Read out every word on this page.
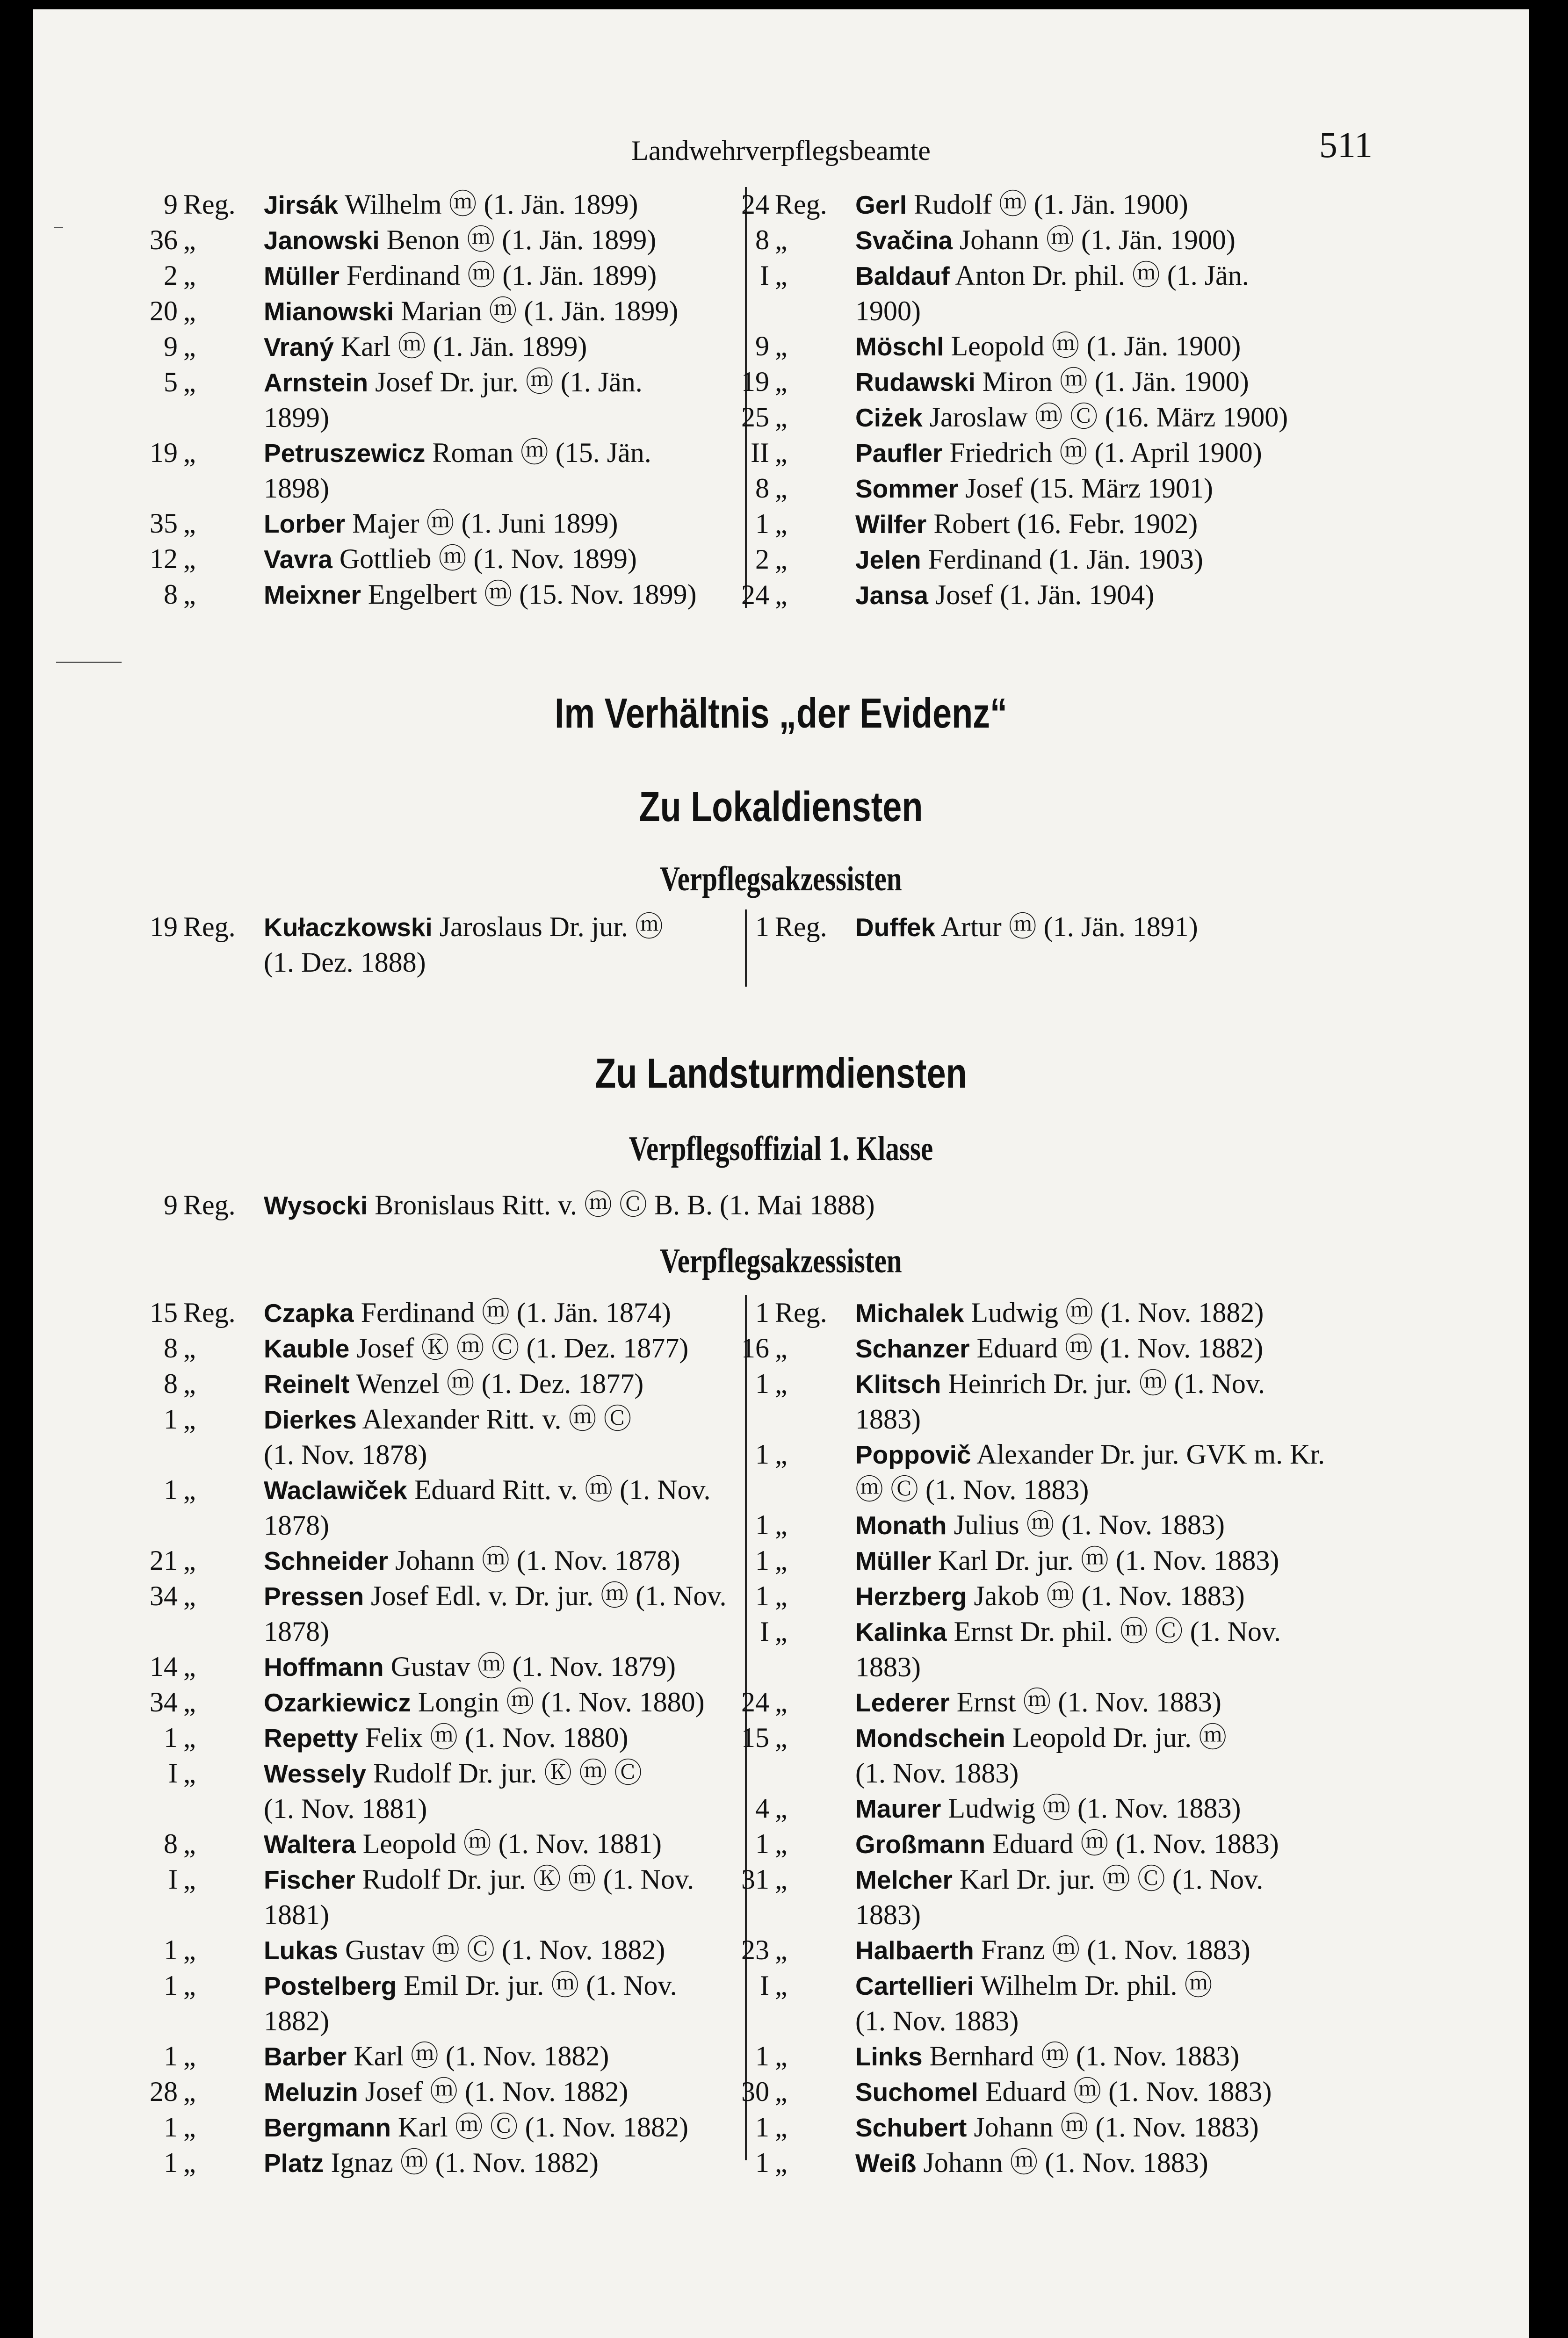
Landwehrverpflegsbeamte	511
9 Reg.	Jirsák Wilhelm ⓜ (1. Jän. 1899)
36 „	Janowski Benon ⓜ (1. Jän. 1899)
2 „	Müller Ferdinand ⓜ (1. Jän. 1899)
20 „	Mianowski Marian ⓜ (1. Jän. 1899)
9 „	Vraný Karl ⓜ (1. Jän. 1899)
5 „	Arnstein Josef Dr. jur. ⓜ (1. Jän.
1899)
19 „	Petruszewicz Roman ⓜ (15. Jän.
1898)
35 „	Lorber Majer ⓜ (1. Juni 1899)
12 „	Vavra Gottlieb ⓜ (1. Nov. 1899)
8 „	Meixner Engelbert ⓜ (15. Nov. 1899)
24 Reg.	Gerl Rudolf ⓜ (1. Jän. 1900)
8 „	Svačina Johann ⓜ (1. Jän. 1900)
I „	Baldauf Anton Dr. phil. ⓜ (1. Jän.
1900)
9 „	Möschl Leopold ⓜ (1. Jän. 1900)
19 „	Rudawski Miron ⓜ (1. Jän. 1900)
25 „	Ciżek Jaroslaw ⓜ Ⓒ (16. März 1900)
II „	Paufler Friedrich ⓜ (1. April 1900)
8 „	Sommer Josef (15. März 1901)
1 „	Wilfer Robert (16. Febr. 1902)
2 „	Jelen Ferdinand (1. Jän. 1903)
24 „	Jansa Josef (1. Jän. 1904)
Im Verhältnis „der Evidenz“
Zu Lokaldiensten
Verpflegsakzessisten
19 Reg.	Kułaczkowski Jaroslaus Dr. jur. ⓜ
(1. Dez. 1888)
1 Reg.	Duffek Artur ⓜ (1. Jän. 1891)
Zu Landsturmdiensten
Verpflegsoffizial 1. Klasse
9 Reg.	Wysocki Bronislaus Ritt. v. ⓜ Ⓒ B. B. (1. Mai 1888)
Verpflegsakzessisten
15 Reg.	Czapka Ferdinand ⓜ (1. Jän. 1874)
8 „	Kauble Josef Ⓚ ⓜ Ⓒ (1. Dez. 1877)
8 „	Reinelt Wenzel ⓜ (1. Dez. 1877)
1 „	Dierkes Alexander Ritt. v. ⓜ Ⓒ
(1. Nov. 1878)
1 „	Waclawiček Eduard Ritt. v. ⓜ (1. Nov.
1878)
21 „	Schneider Johann ⓜ (1. Nov. 1878)
34 „	Pressen Josef Edl. v. Dr. jur. ⓜ (1. Nov.
1878)
14 „	Hoffmann Gustav ⓜ (1. Nov. 1879)
34 „	Ozarkiewicz Longin ⓜ (1. Nov. 1880)
1 „	Repetty Felix ⓜ (1. Nov. 1880)
I „	Wessely Rudolf Dr. jur. Ⓚ ⓜ Ⓒ
(1. Nov. 1881)
8 „	Waltera Leopold ⓜ (1. Nov. 1881)
I „	Fischer Rudolf Dr. jur. Ⓚ ⓜ (1. Nov.
1881)
1 „	Lukas Gustav ⓜ Ⓒ (1. Nov. 1882)
1 „	Postelberg Emil Dr. jur. ⓜ (1. Nov.
1882)
1 „	Barber Karl ⓜ (1. Nov. 1882)
28 „	Meluzin Josef ⓜ (1. Nov. 1882)
1 „	Bergmann Karl ⓜ Ⓒ (1. Nov. 1882)
1 „	Platz Ignaz ⓜ (1. Nov. 1882)
1 Reg.	Michalek Ludwig ⓜ (1. Nov. 1882)
16 „	Schanzer Eduard ⓜ (1. Nov. 1882)
1 „	Klitsch Heinrich Dr. jur. ⓜ (1. Nov.
1883)
1 „	Poppovič Alexander Dr. jur. GVK m. Kr.
ⓜ Ⓒ (1. Nov. 1883)
1 „	Monath Julius ⓜ (1. Nov. 1883)
1 „	Müller Karl Dr. jur. ⓜ (1. Nov. 1883)
1 „	Herzberg Jakob ⓜ (1. Nov. 1883)
I „	Kalinka Ernst Dr. phil. ⓜ Ⓒ (1. Nov.
1883)
24 „	Lederer Ernst ⓜ (1. Nov. 1883)
15 „	Mondschein Leopold Dr. jur. ⓜ
(1. Nov. 1883)
4 „	Maurer Ludwig ⓜ (1. Nov. 1883)
1 „	Großmann Eduard ⓜ (1. Nov. 1883)
31 „	Melcher Karl Dr. jur. ⓜ Ⓒ (1. Nov.
1883)
23 „	Halbaerth Franz ⓜ (1. Nov. 1883)
I „	Cartellieri Wilhelm Dr. phil. ⓜ
(1. Nov. 1883)
1 „	Links Bernhard ⓜ (1. Nov. 1883)
30 „	Suchomel Eduard ⓜ (1. Nov. 1883)
1 „	Schubert Johann ⓜ (1. Nov. 1883)
1 „	Weiß Johann ⓜ (1. Nov. 1883)
